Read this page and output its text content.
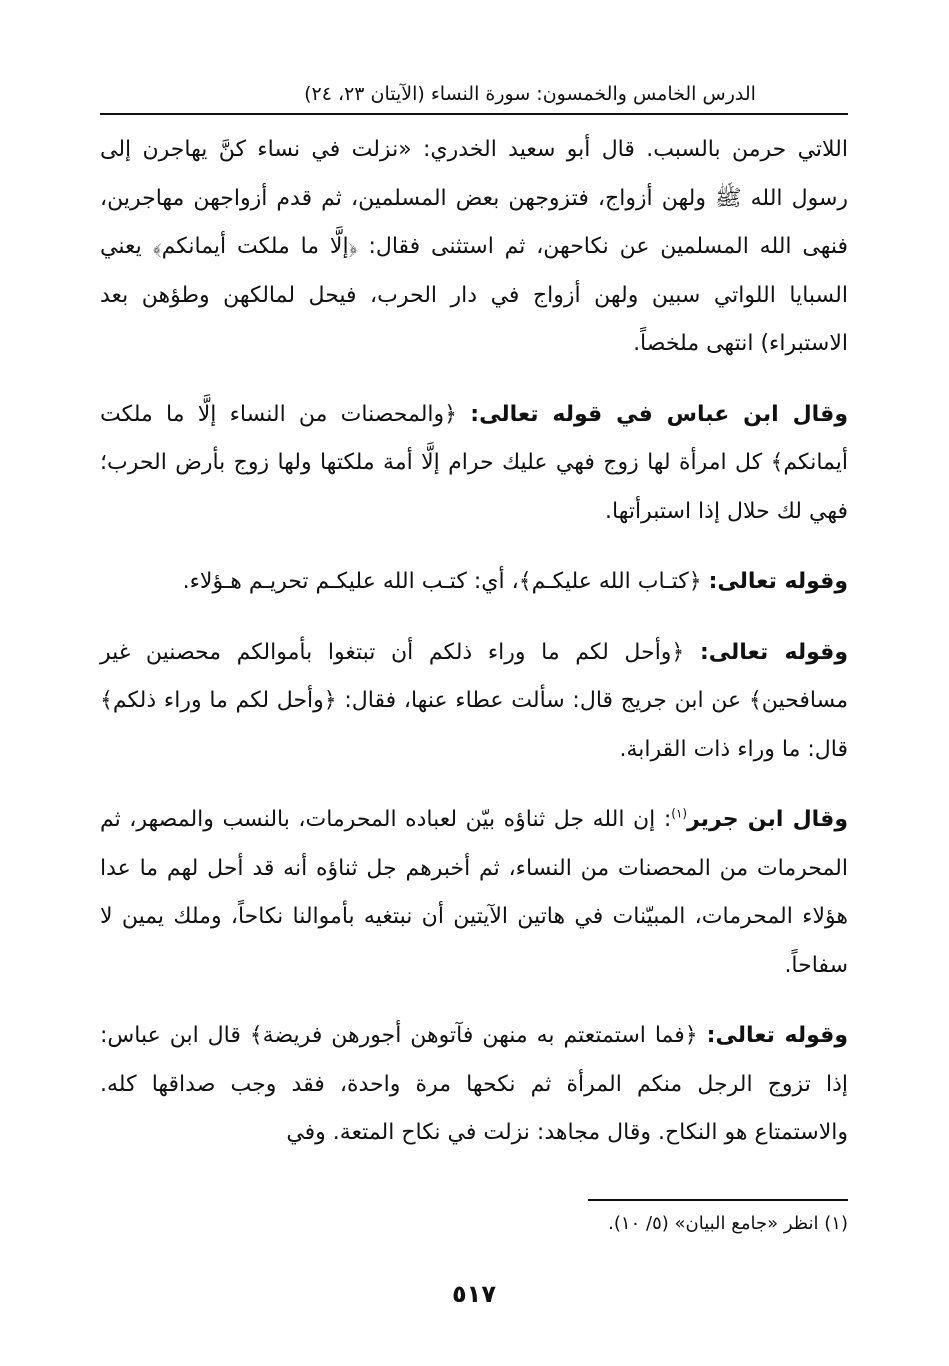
الدرس الخامس والخمسون: سورة النساء (الآيتان ٢٣، ٢٤)

اللاتي حرمن بالسبب. قال أبو سعيد الخدري: «نزلت في نساء كنَّ يهاجرن إلى رسول الله ﷺ ولهن أزواج، فتزوجهن بعض المسلمين، ثم قدم أزواجهن مهاجرين، فنهى الله المسلمين عن نكاحهن، ثم استثنى فقال: ﴿إلَّا ما ملكت أيمانكم﴾ يعني السبايا اللواتي سبين ولهن أزواج في دار الحرب، فيحل لمالكهن وطؤهن بعد الاستبراء) انتهى ملخصاً.

وقال ابن عباس في قوله تعالى: ﴿والمحصنات من النساء إلَّا ما ملكت أيمانكم﴾ كل امرأة لها زوج فهي عليك حرام إلَّا أمة ملكتها ولها زوج بأرض الحرب؛ فهي لك حلال إذا استبرأتها.

وقوله تعالى: ﴿كتـاب الله عليكـم﴾، أي: كتـب الله عليكـم تحريـم هـؤلاء.

وقوله تعالى: ﴿وأحل لكم ما وراء ذلكم أن تبتغوا بأموالكم محصنين غير مسافحين﴾ عن ابن جريج قال: سألت عطاء عنها، فقال: ﴿وأحل لكم ما وراء ذلكم﴾ قال: ما وراء ذات القرابة.

وقال ابن جرير$^{(١)}$: إن الله جل ثناؤه بيّن لعباده المحرمات، بالنسب والمصهر، ثم المحرمات من المحصنات من النساء، ثم أخبرهم جل ثناؤه أنه قد أحل لهم ما عدا هؤلاء المحرمات، المبيّنات في هاتين الآيتين أن نبتغيه بأموالنا نكاحاً، وملك يمين لا سفاحاً.

وقوله تعالى: ﴿فما استمتعتم به منهن فآتوهن أجورهن فريضة﴾ قال ابن عباس: إذا تزوج الرجل منكم المرأة ثم نكحها مرة واحدة، فقد وجب صداقها كله. والاستمتاع هو النكاح. وقال مجاهد: نزلت في نكاح المتعة. وفي

(١) انظر «جامع البيان» (٥/ ١٠).
٥١٧
